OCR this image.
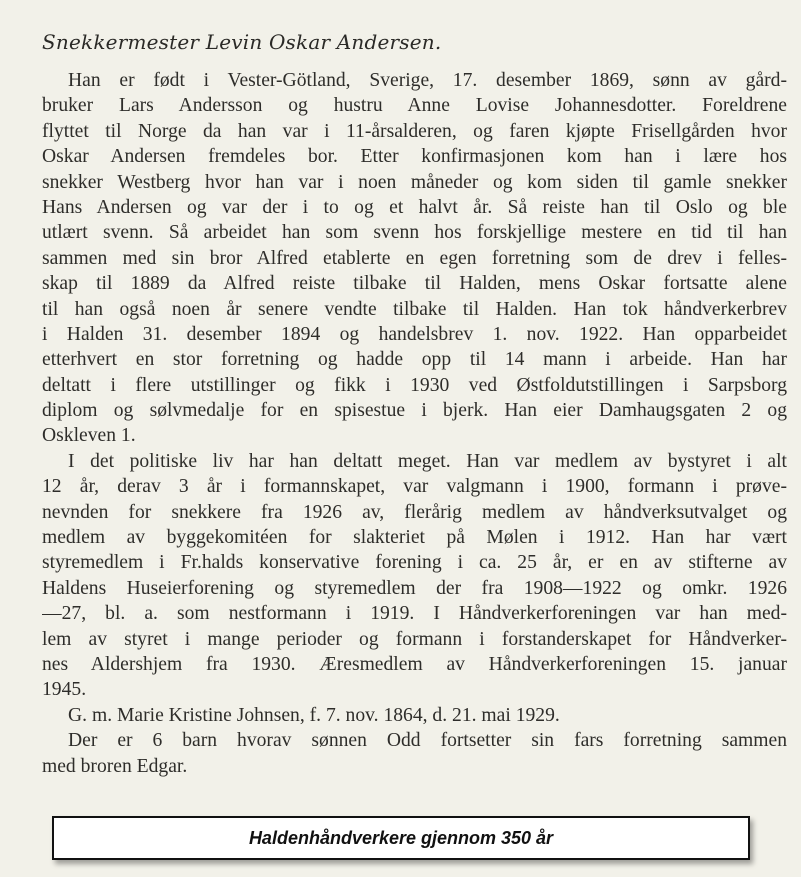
Snekkermester Levin Oskar Andersen.
Han er født i Vester-Götland, Sverige, 17. desember 1869, sønn av gård-
bruker Lars Andersson og hustru Anne Lovise Johannesdotter. Foreldrene
flyttet til Norge da han var i 11-årsalderen, og faren kjøpte Frisellgården hvor
Oskar Andersen fremdeles bor. Etter konfirmasjonen kom han i lære hos
snekker Westberg hvor han var i noen måneder og kom siden til gamle snekker
Hans Andersen og var der i to og et halvt år. Så reiste han til Oslo og ble
utlært svenn. Så arbeidet han som svenn hos forskjellige mestere en tid til han
sammen med sin bror Alfred etablerte en egen forretning som de drev i felles-
skap til 1889 da Alfred reiste tilbake til Halden, mens Oskar fortsatte alene
til han også noen år senere vendte tilbake til Halden. Han tok håndverkerbrev
i Halden 31. desember 1894 og handelsbrev 1. nov. 1922. Han opparbeidet
etterhvert en stor forretning og hadde opp til 14 mann i arbeide. Han har
deltatt i flere utstillinger og fikk i 1930 ved Østfoldutstillingen i Sarpsborg
diplom og sølvmedalje for en spisestue i bjerk. Han eier Damhaugsgaten 2 og
Oskleven 1.
I det politiske liv har han deltatt meget. Han var medlem av bystyret i alt
12 år, derav 3 år i formannskapet, var valgmann i 1900, formann i prøve-
nevnden for snekkere fra 1926 av, flerårig medlem av håndverksutvalget og
medlem av byggekomitéen for slakteriet på Mølen i 1912. Han har vært
styremedlem i Fr.halds konservative forening i ca. 25 år, er en av stifterne av
Haldens Huseierforening og styremedlem der fra 1908—1922 og omkr. 1926
—27, bl. a. som nestformann i 1919. I Håndverkerforeningen var han med-
lem av styret i mange perioder og formann i forstanderskapet for Håndverker-
nes Aldershjem fra 1930. Æresmedlem av Håndverkerforeningen 15. januar
1945.
G. m. Marie Kristine Johnsen, f. 7. nov. 1864, d. 21. mai 1929.
Der er 6 barn hvorav sønnen Odd fortsetter sin fars forretning sammen
med broren Edgar.
Haldenhåndverkere gjennom 350 år
